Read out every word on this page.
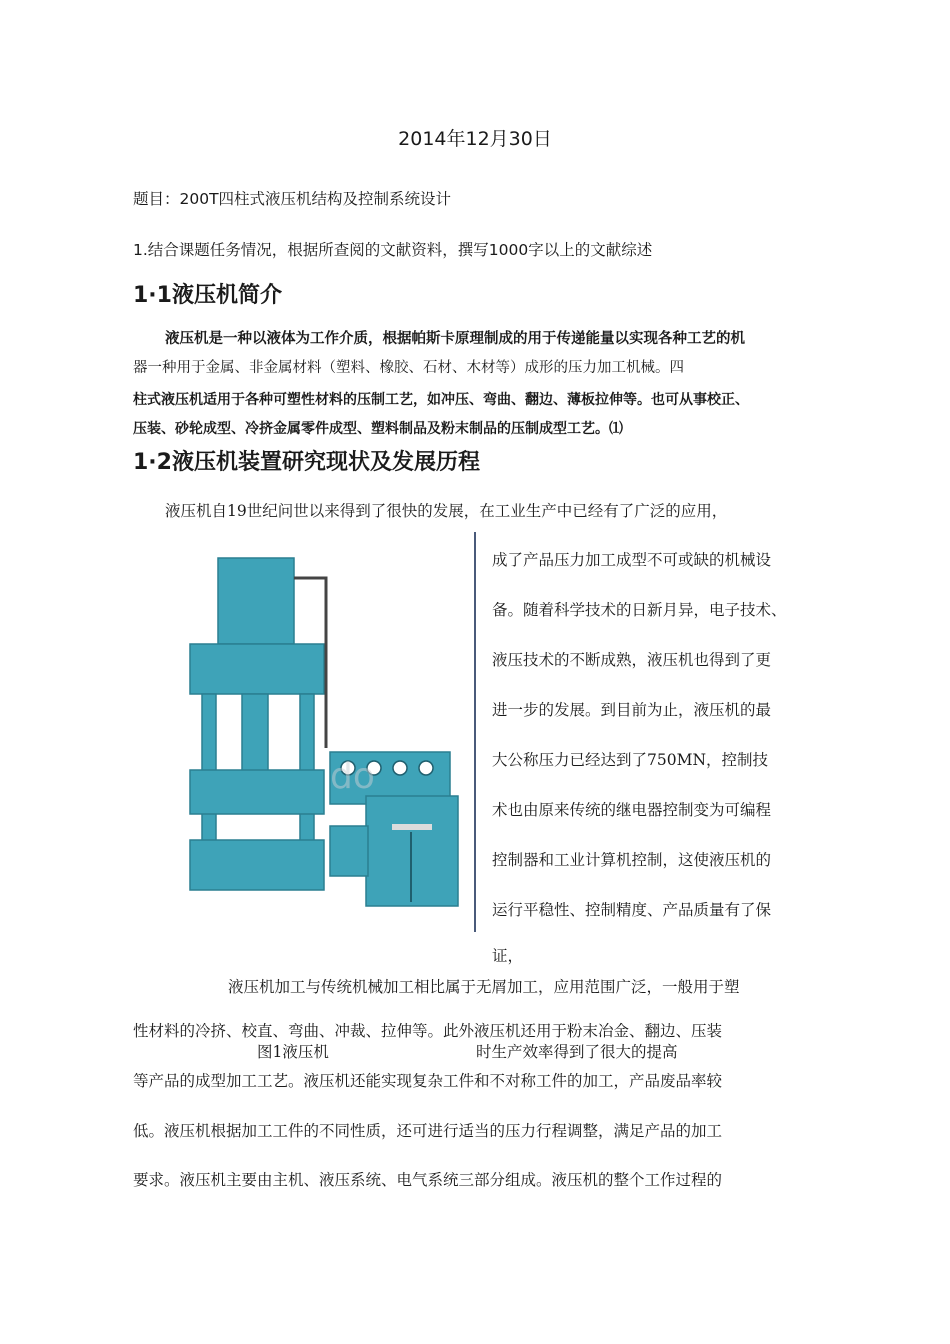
2014年12月30日
题目：200T四柱式液压机结构及控制系统设计
1.结合课题任务情况，根据所查阅的文献资料，撰写1000字以上的文献综述
1·1液压机简介
液压机是一种以液体为工作介质，根据帕斯卡原理制成的用于传递能量以实现各种工艺的机
器一种用于金属、非金属材料（塑料、橡胶、石材、木材等）成形的压力加工机械。四
柱式液压机适用于各种可塑性材料的压制工艺，如冲压、弯曲、翻边、薄板拉伸等。也可从事校正、
压装、砂轮成型、冷挤金属零件成型、塑料制品及粉末制品的压制成型工艺。⑴
1·2液压机装置研究现状及发展历程
液压机自19世纪问世以来得到了很快的发展，在工业生产中已经有了广泛的应用，
do
成了产品压力加工成型不可或缺的机械设
备。随着科学技术的日新月异，电子技术、
液压技术的不断成熟，液压机也得到了更
进一步的发展。到目前为止，液压机的最
大公称压力已经达到了750MN，控制技
术也由原来传统的继电器控制变为可编程
控制器和工业计算机控制，这使液压机的
运行平稳性、控制精度、产品质量有了保
证，
液压机加工与传统机械加工相比属于无屑加工，应用范围广泛，一般用于塑
性材料的冷挤、校直、弯曲、冲裁、拉伸等。此外液压机还用于粉末冶金、翻边、压装
图1液压机	时生产效率得到了很大的提高
等产品的成型加工工艺。液压机还能实现复杂工件和不对称工件的加工，产品废品率较
低。液压机根据加工工件的不同性质，还可进行适当的压力行程调整，满足产品的加工
要求。液压机主要由主机、液压系统、电气系统三部分组成。液压机的整个工作过程的
